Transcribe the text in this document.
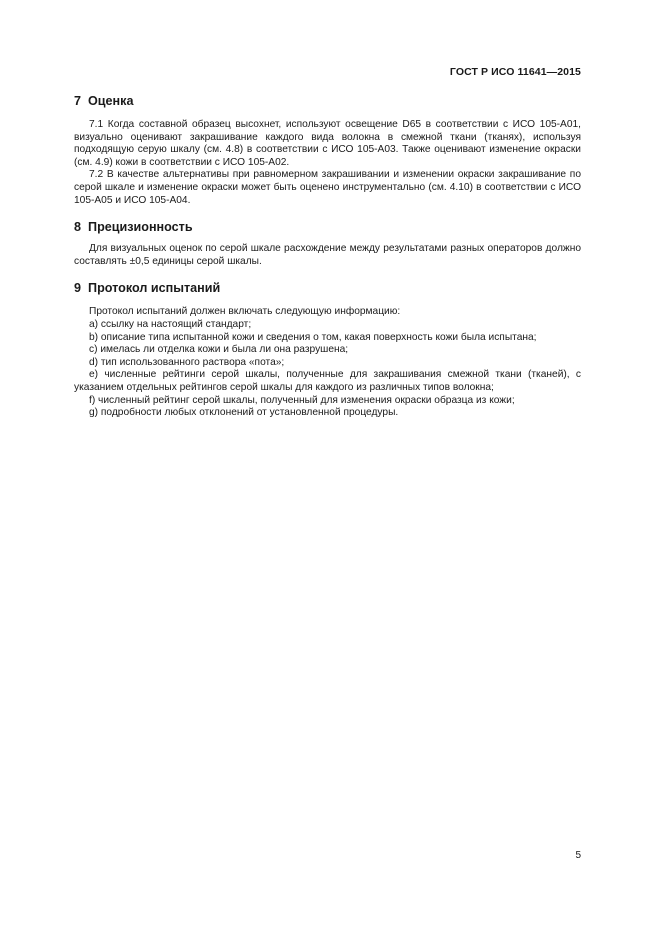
ГОСТ Р ИСО 11641—2015
7 Оценка

7.1 Когда составной образец высохнет, используют освещение D65 в соответствии с ИСО 105-А01, визуально оценивают закрашивание каждого вида волокна в смежной ткани (тканях), используя подходящую серую шкалу (см. 4.8) в соответствии с ИСО 105-А03. Также оценивают изменение окраски (см. 4.9) кожи в соответствии с ИСО 105-А02.

7.2 В качестве альтернативы при равномерном закрашивании и изменении окраски закрашивание по серой шкале и изменение окраски может быть оценено инструментально (см. 4.10) в соответствии с ИСО 105-А05 и ИСО 105-А04.

8 Прецизионность

Для визуальных оценок по серой шкале расхождение между результатами разных операторов должно составлять ±0,5 единицы серой шкалы.

9 Протокол испытаний

Протокол испытаний должен включать следующую информацию:

a) ссылку на настоящий стандарт;

b) описание типа испытанной кожи и сведения о том, какая поверхность кожи была испытана;

c) имелась ли отделка кожи и была ли она разрушена;

d) тип использованного раствора «пота»;

e) численные рейтинги серой шкалы, полученные для закрашивания смежной ткани (тканей), с указанием отдельных рейтингов серой шкалы для каждого из различных типов волокна;

f) численный рейтинг серой шкалы, полученный для изменения окраски образца из кожи;

g) подробности любых отклонений от установленной процедуры.

5
